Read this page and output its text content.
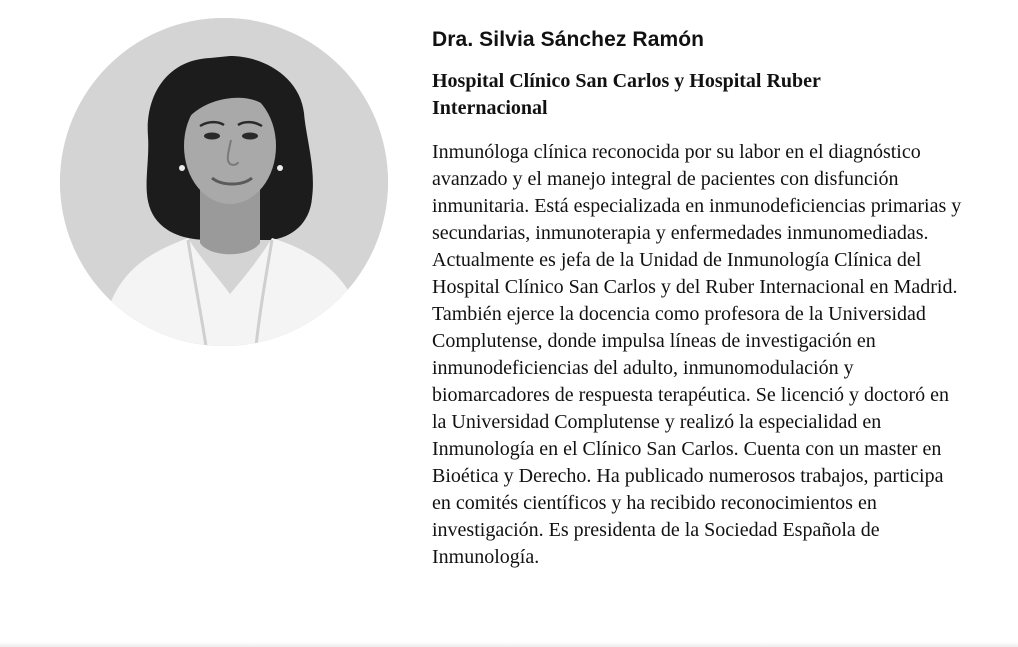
Dra. Silvia Sánchez Ramón

Hospital Clínico San Carlos y Hospital Ruber Internacional

Inmunóloga clínica reconocida por su labor en el diagnóstico avanzado y el manejo integral de pacientes con disfunción inmunitaria. Está especializada en inmunodeficiencias primarias y secundarias, inmunoterapia y enfermedades inmunomediadas. Actualmente es jefa de la Unidad de Inmunología Clínica del Hospital Clínico San Carlos y del Ruber Internacional en Madrid. También ejerce la docencia como profesora de la Universidad Complutense, donde impulsa líneas de investigación en inmunodeficiencias del adulto, inmunomodulación y biomarcadores de respuesta terapéutica. Se licenció y doctoró en la Universidad Complutense y realizó la especialidad en Inmunología en el Clínico San Carlos. Cuenta con un master en Bioética y Derecho. Ha publicado numerosos trabajos, participa en comités científicos y ha recibido reconocimientos en investigación. Es presidenta de la Sociedad Española de Inmunología.
